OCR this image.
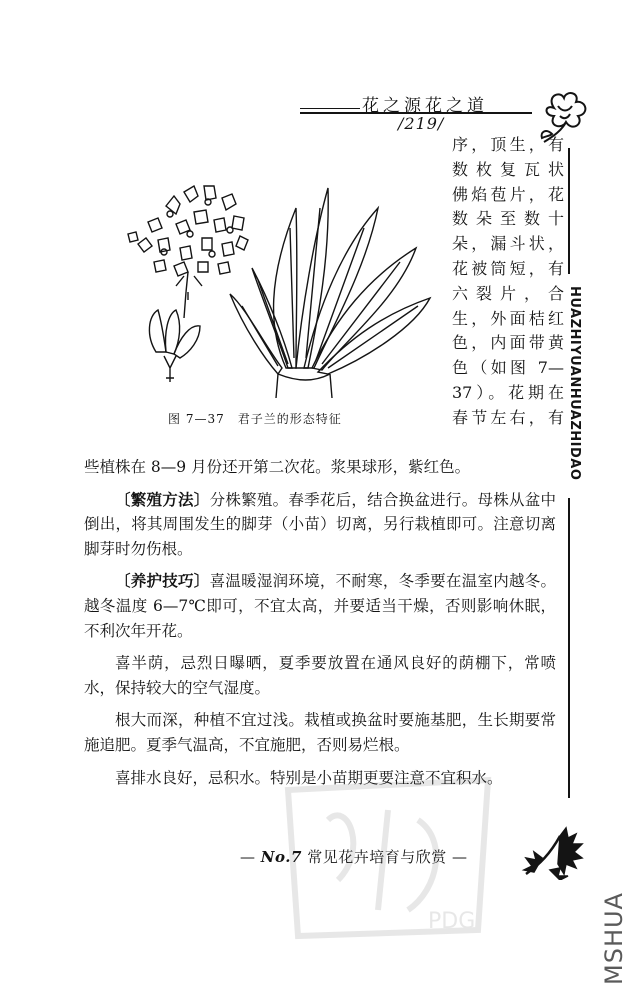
花之源花之道
/219/
HUAZHIYUANHUAZHIDAO
图 7—37　君子兰的形态特征
序，顶生，有
数枚复瓦状
佛焰苞片，花
数朵至数十
朵，漏斗状，
花被筒短，有
六裂片，合
生，外面桔红
色，内面带黄
色（如图 7—
37）。花期在
春节左右，有

些植株在 8—9 月份还开第二次花。浆果球形，紫红色。

〔繁殖方法〕分株繁殖。春季花后，结合换盆进行。母株从盆中倒出，将其周围发生的脚芽（小苗）切离，另行栽植即可。注意切离脚芽时勿伤根。

〔养护技巧〕喜温暖湿润环境，不耐寒，冬季要在温室内越冬。越冬温度 6—7℃即可，不宜太高，并要适当干燥，否则影响休眠，不利次年开花。

喜半荫，忌烈日曝晒，夏季要放置在通风良好的荫棚下，常喷水，保持较大的空气湿度。

根大而深，种植不宜过浅。栽植或换盆时要施基肥，生长期要常施追肥。夏季气温高，不宜施肥，否则易烂根。

喜排水良好，忌积水。特别是小苗期更要注意不宜积水。

PDG
— No.7 常见花卉培育与欣赏 —
MSHUA
